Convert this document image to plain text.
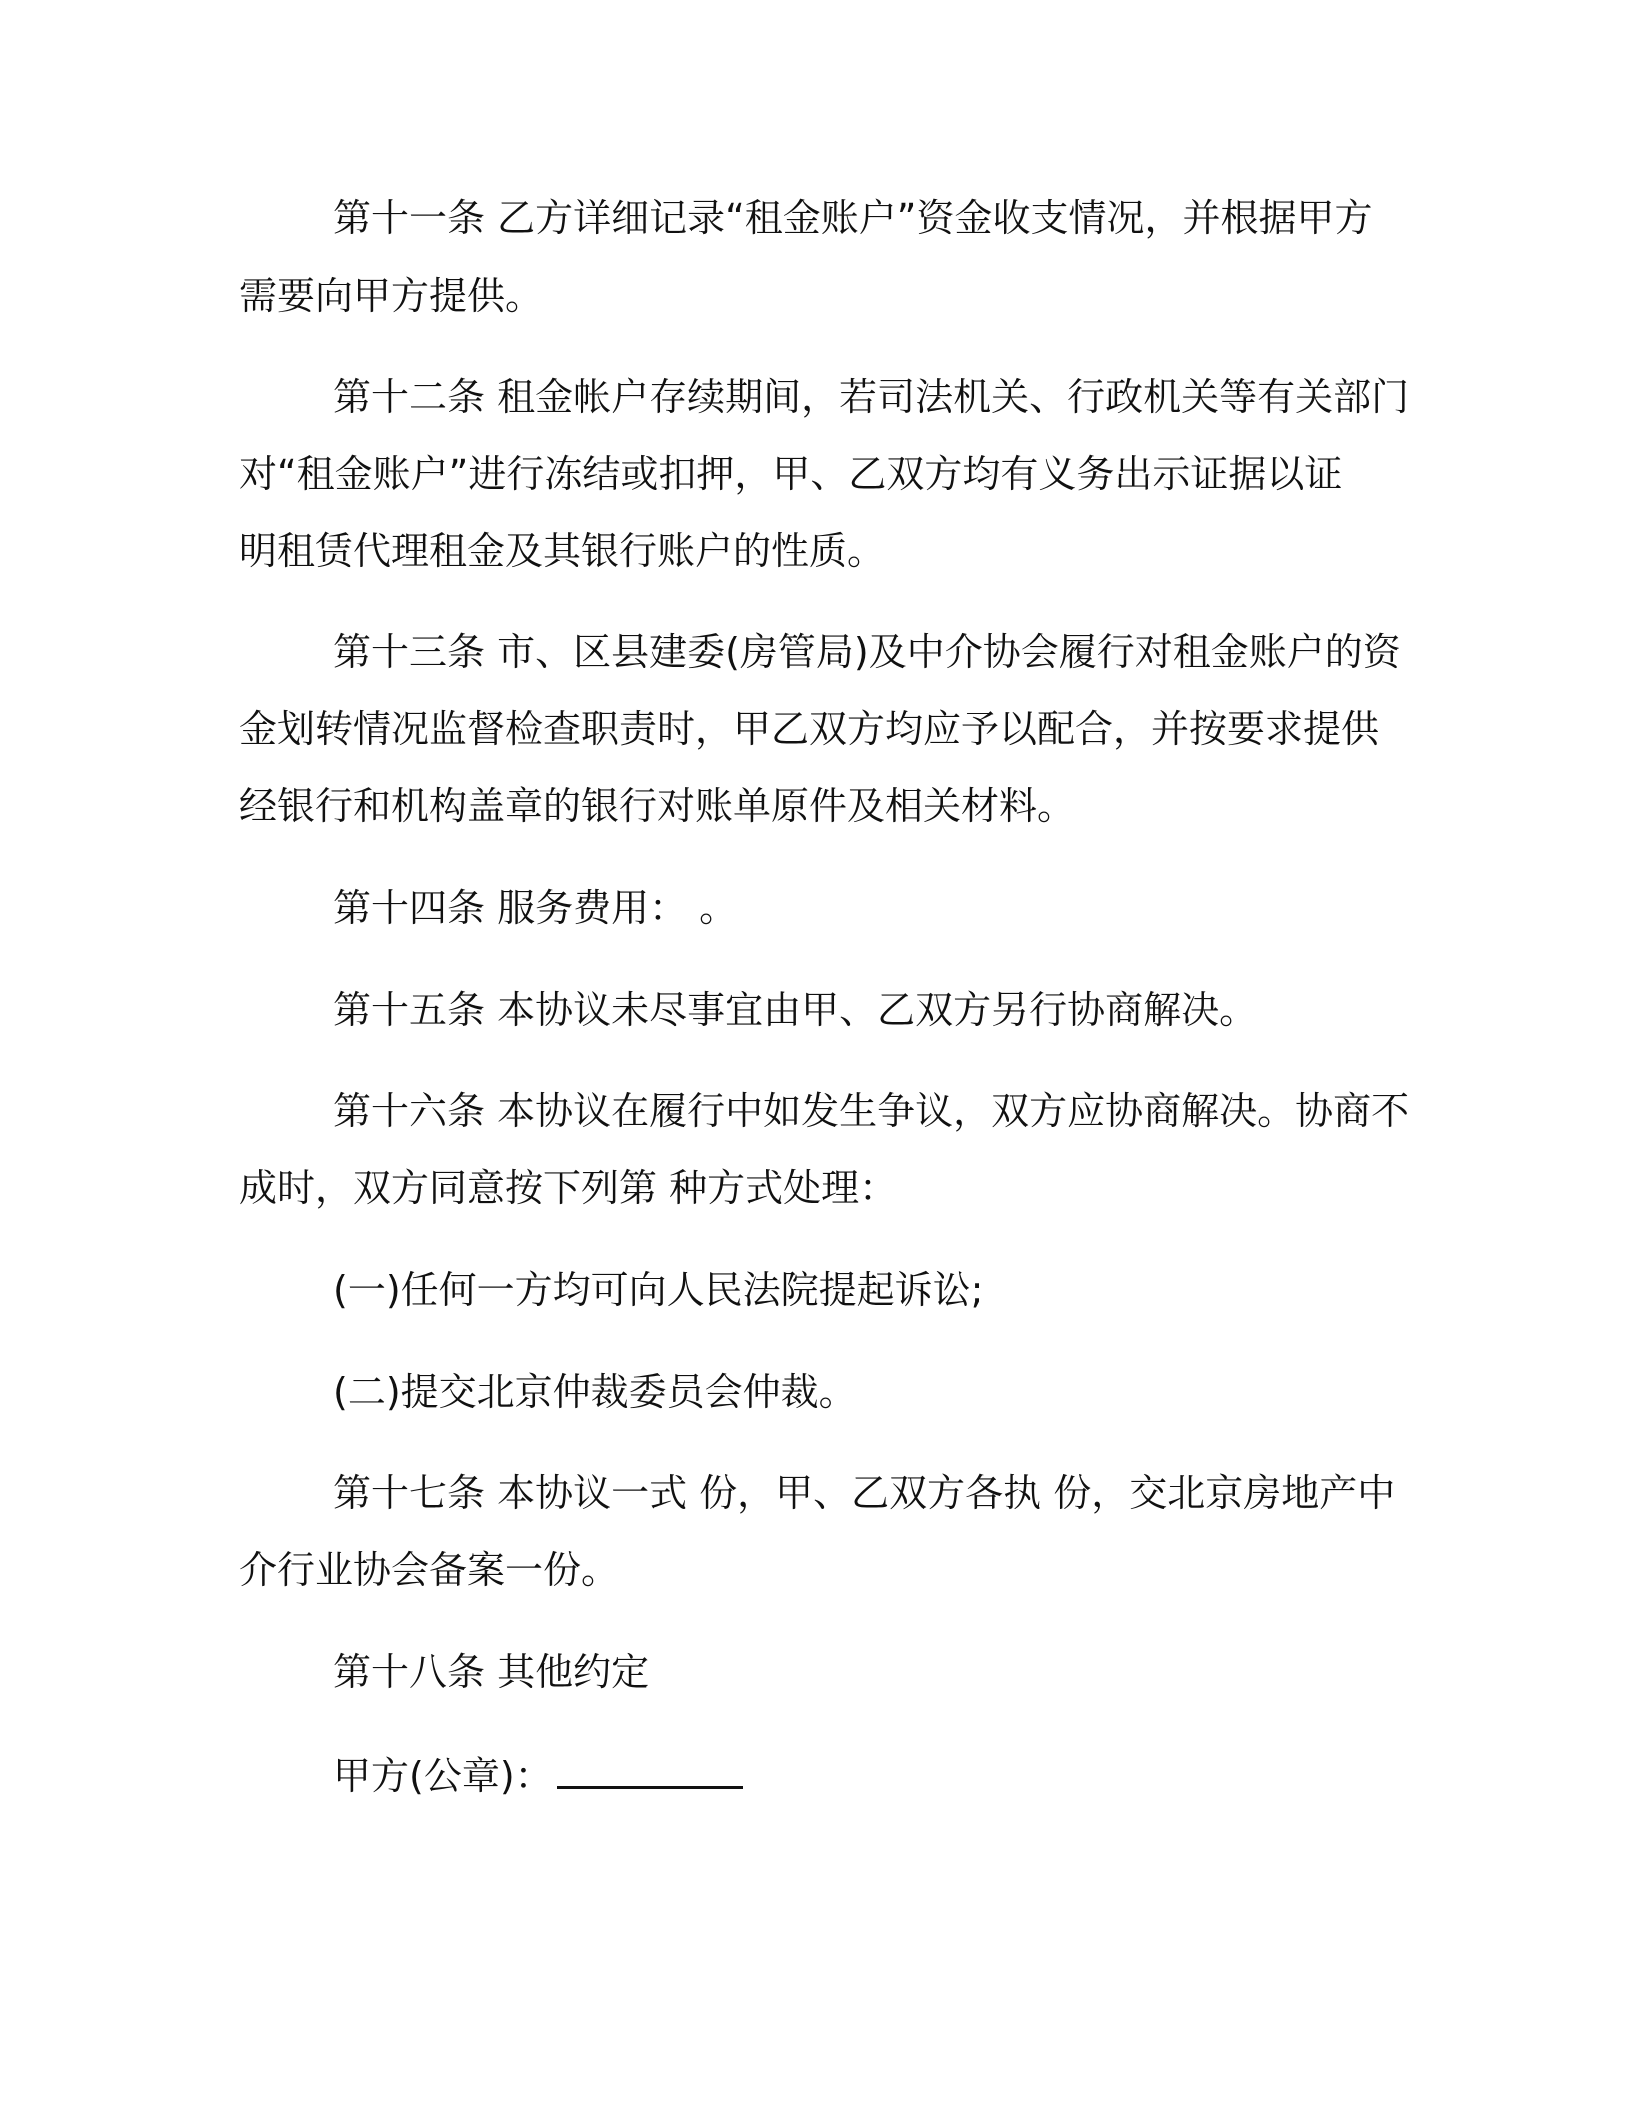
第十一条 乙方详细记录“租金账户”资金收支情况，并根据甲方
需要向甲方提供。
第十二条 租金帐户存续期间，若司法机关、行政机关等有关部门
对“租金账户”进行冻结或扣押，甲、乙双方均有义务出示证据以证
明租赁代理租金及其银行账户的性质。
第十三条 市、区县建委(房管局)及中介协会履行对租金账户的资
金划转情况监督检查职责时，甲乙双方均应予以配合，并按要求提供
经银行和机构盖章的银行对账单原件及相关材料。
第十四条 服务费用： 。
第十五条 本协议未尽事宜由甲、乙双方另行协商解决。
第十六条 本协议在履行中如发生争议，双方应协商解决。协商不
成时，双方同意按下列第 种方式处理：
(一)任何一方均可向人民法院提起诉讼;
(二)提交北京仲裁委员会仲裁。
第十七条 本协议一式 份，甲、乙双方各执 份，交北京房地产中
介行业协会备案一份。
第十八条 其他约定
甲方(公章)：
